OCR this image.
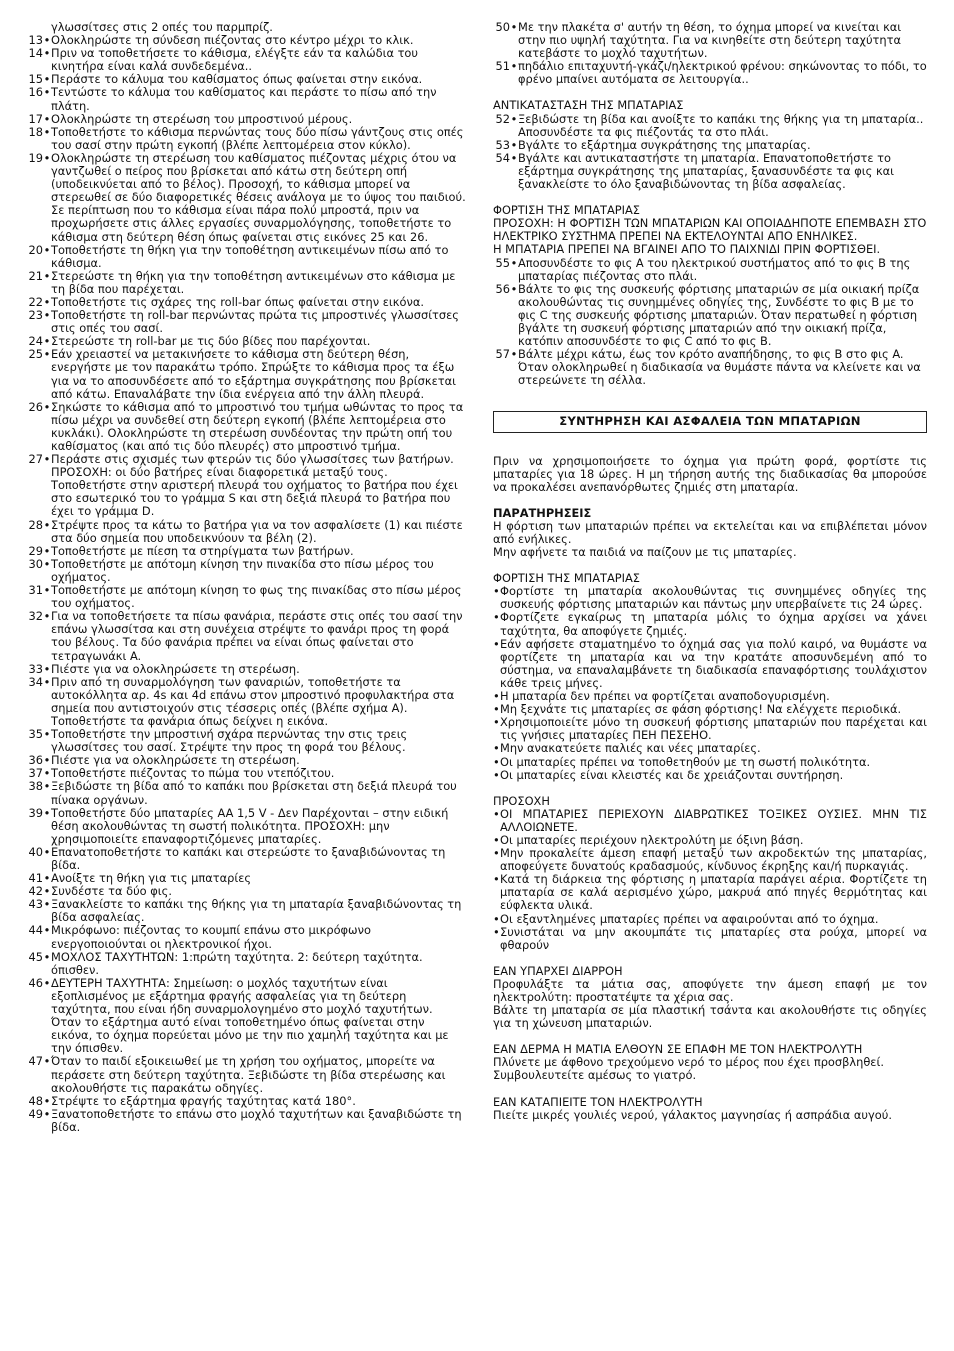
γλωσσίτσες στις 2 οπές του παρμπρίζ.
13 • Ολοκληρώστε τη σύνδεση πιέζοντας στο κέντρο μέχρι το κλικ.
14 • Πριν να τοποθετήσετε το κάθισμα, ελέγξτε εάν τα καλώδια του κινητήρα είναι καλά συνδεδεμένα..
15 • Περάστε το κάλυμα του καθίσματος όπως φαίνεται στην εικόνα.
16 • Τεντώστε το κάλυμα του καθίσματος και περάστε το πίσω από την πλάτη.
17 • Ολοκληρώστε τη στερέωση του μπροστινού μέρους.
18 • Τοποθετήστε το κάθισμα περνώντας τους δύο πίσω γάντζους στις οπές του σασί στην πρώτη εγκοπή (βλέπε λεπτομέρεια στον κύκλο).
19 • Ολοκληρώστε τη στερέωση του καθίσματος πιέζοντας μέχρις ότου να γαντζωθεί ο πείρος που βρίσκεται από κάτω στη δεύτερη οπή (υποδεικνύεται από το βέλος). Προσοχή, το κάθισμα μπορεί να στερεωθεί σε δύο διαφορετικές θέσεις ανάλογα με το ύψος του παιδιού. Σε περίπτωση που το κάθισμα είναι πάρα πολύ μπροστά, πριν να προχωρήσετε στις άλλες εργασίες συναρμολόγησης, τοποθετήστε το κάθισμα στη δεύτερη θέση όπως φαίνεται στις εικόνες 25 και 26.
20 • Τοποθετήστε τη θήκη για την τοποθέτηση αντικειμένων πίσω από το κάθισμα.
21 • Στερεώστε τη θήκη για την τοποθέτηση αντικειμένων στο κάθισμα με τη βίδα που παρέχεται.
22 • Τοποθετήστε τις σχάρες της roll-bar όπως φαίνεται στην εικόνα.
23 • Τοποθετήστε τη roll-bar περνώντας πρώτα τις μπροστινές γλωσσίτσες στις οπές του σασί.
24 • Στερεώστε τη roll-bar με τις δύο βίδες που παρέχονται.
25 • Εάν χρειαστεί να μετακινήσετε το κάθισμα στη δεύτερη θέση, ενεργήστε με τον παρακάτω τρόπο. Σπρώξτε το κάθισμα προς τα έξω για να το αποσυνδέσετε από το εξάρτημα συγκράτησης που βρίσκεται από κάτω. Επαναλάβατε την ίδια ενέργεια από την άλλη πλευρά.
26 • Σηκώστε το κάθισμα από το μπροστινό του τμήμα ωθώντας το προς τα πίσω μέχρι να συνδεθεί στη δεύτερη εγκοπή (βλέπε λεπτομέρεια στο κυκλάκι). Ολοκληρώστε τη στερέωση συνδέοντας την πρώτη οπή του καθίσματος (και από τις δύο πλευρές) στο μπροστινό τμήμα.
27 • Περάστε στις σχισμές των φτερών τις δύο γλωσσίτσες των βατήρων. ΠΡΟΣΟΧΗ: οι δύο βατήρες είναι διαφορετικά μεταξύ τους. Τοποθετήστε στην αριστερή πλευρά του οχήματος το βατήρα που έχει στο εσωτερικό του το γράμμα S και στη δεξιά πλευρά το βατήρα που έχει το γράμμα D.
28 • Στρέψτε προς τα κάτω το βατήρα για να τον ασφαλίσετε (1) και πιέστε στα δύο σημεία που υποδεικνύουν τα βέλη (2).
29 • Τοποθετήστε με πίεση τα στηρίγματα των βατήρων.
30 • Τοποθετήστε με απότομη κίνηση την πινακίδα στο πίσω μέρος του οχήματος.
31 • Τοποθετήστε με απότομη κίνηση το φως της πινακίδας στο πίσω μέρος του οχήματος.
32 • Για να τοποθετήσετε τα πίσω φανάρια, περάστε στις οπές του σασί την επάνω γλωσσίτσα και στη συνέχεια στρέψτε το φανάρι προς τη φορά του βέλους. Τα δύο φανάρια πρέπει να είναι όπως φαίνεται στο τετραγωνάκι A.
33 • Πιέστε για να ολοκληρώσετε τη στερέωση.
34 • Πριν από τη συναρμολόγηση των φαναριών, τοποθετήστε τα αυτοκόλλητα αρ. 4s και 4d επάνω στον μπροστινό προφυλακτήρα στα σημεία που αντιστοιχούν στις τέσσερις οπές (βλέπε σχήμα A). Τοποθετήστε τα φανάρια όπως δείχνει η εικόνα.
35 • Τοποθετήστε την μπροστινή σχάρα περνώντας την στις τρεις γλωσσίτσες του σασί. Στρέψτε την προς τη φορά του βέλους.
36 • Πιέστε για να ολοκληρώσετε τη στερέωση.
37 • Τοποθετήστε πιέζοντας το πώμα του ντεπόζιτου.
38 • Ξεβιδώστε τη βίδα από το καπάκι που βρίσκεται στη δεξιά πλευρά του πίνακα οργάνων.
39 • Τοποθετήστε δύο μπαταρίες AA 1,5 V - Δεν Παρέχονται – στην ειδική θέση ακολουθώντας τη σωστή πολικότητα. ΠΡΟΣΟΧΗ: μην χρησιμοποιείτε επαναφορτιζόμενες μπαταρίες.
40 • Επανατοποθετήστε το καπάκι και στερεώστε το ξαναβιδώνοντας τη βίδα.
41 • Ανοίξτε τη θήκη για τις μπαταρίες
42 • Συνδέστε τα δύο φις.
43 • Ξανακλείστε το καπάκι της θήκης για τη μπαταρία ξαναβιδώνοντας τη βίδα ασφαλείας.
44 • Μικρόφωνο: πιέζοντας το κουμπί επάνω στο μικρόφωνο ενεργοποιούνται οι ηλεκτρονικοί ήχοι.
45 • ΜΟΧΛΟΣ ΤΑΧΥΤΗΤΩΝ: 1:πρώτη ταχύτητα. 2: δεύτερη ταχύτητα. όπισθεν.
46 • ΔΕΥΤΕΡΗ ΤΑΧΥΤΗΤΑ: Σημείωση: ο μοχλός ταχυτήτων είναι εξοπλισμένος με εξάρτημα φραγής ασφαλείας για τη δεύτερη ταχύτητα, που είναι ήδη συναρμολογημένο στο μοχλό ταχυτήτων. Όταν το εξάρτημα αυτό είναι τοποθετημένο όπως φαίνεται στην εικόνα, το όχημα πορεύεται μόνο με την πιο χαμηλή ταχύτητα και με την όπισθεν.
47 • Όταν το παιδί εξοικειωθεί με τη χρήση του οχήματος, μπορείτε να περάσετε στη δεύτερη ταχύτητα. Ξεβιδώστε τη βίδα στερέωσης και ακολουθήστε τις παρακάτω οδηγίες.
48 • Στρέψτε το εξάρτημα φραγής ταχύτητας κατά 180°.
49 • Ξανατοποθετήστε το επάνω στο μοχλό ταχυτήτων και ξαναβιδώστε τη βίδα.
50 • Με την πλακέτα σ' αυτήν τη θέση, το όχημα μπορεί να κινείται και στην πιο υψηλή ταχύτητα. Για να κινηθείτε στη δεύτερη ταχύτητα κατεβάστε το μοχλό ταχυτήτων.
51 • πηδάλιο επιταχυντή-γκάζι/ηλεκτρικού φρένου: σηκώνοντας το πόδι, το φρένο μπαίνει αυτόματα σε λειτουργία..
ΑΝΤΙΚΑΤΑΣΤΑΣΗ ΤΗΣ ΜΠΑΤΑΡΙΑΣ
52 • Ξεβιδώστε τη βίδα και ανοίξτε το καπάκι της θήκης για τη μπαταρία.. Αποσυνδέστε τα φις πιέζοντάς τα στο πλάι.
53 • Βγάλτε το εξάρτημα συγκράτησης της μπαταρίας.
54 • Βγάλτε και αντικαταστήστε τη μπαταρία. Επανατοποθετήστε το εξάρτημα συγκράτησης της μπαταρίας, ξανασυνδέστε τα φις και ξανακλείστε το όλο ξαναβιδώνοντας τη βίδα ασφαλείας.
ΦΟΡΤΙΣΗ ΤΗΣ ΜΠΑΤΑΡΙΑΣ
ΠΡΟΣΟΧΗ: Η ΦΟΡΤΙΣΗ ΤΩΝ ΜΠΑΤΑΡΙΩΝ ΚΑΙ ΟΠΟΙΑΔΗΠΟΤΕ ΕΠΕΜΒΑΣΗ ΣΤΟ ΗΛΕΚΤΡΙΚΟ ΣΥΣΤΗΜΑ ΠΡΕΠΕΙ ΝΑ ΕΚΤΕΛΟΥΝΤΑΙ ΑΠΟ ΕΝΗΛΙΚΕΣ.
Η ΜΠΑΤΑΡΙΑ ΠΡΕΠΕΙ ΝΑ ΒΓΑΙΝΕΙ ΑΠΟ ΤΟ ΠΑΙΧΝΙΔΙ ΠΡΙΝ ΦΟΡΤΙΣΘΕΙ.
55 • Αποσυνδέστε το φις A του ηλεκτρικού συστήματος από το φις B της μπαταρίας πιέζοντας στο πλάι.
56 • Βάλτε το φις της συσκευής φόρτισης μπαταριών σε μία οικιακή πρίζα ακολουθώντας τις συνημμένες οδηγίες της, Συνδέστε το φις B με το φις C της συσκευής φόρτισης μπαταριών. Όταν περατωθεί η φόρτιση βγάλτε τη συσκευή φόρτισης μπαταριών από την οικιακή πρίζα, κατόπιν αποσυνδέστε το φις C από το φις B.
57 • Βάλτε μέχρι κάτω, έως τον κρότο αναπήδησης, το φις B στο φις A. Όταν ολοκληρωθεί η διαδικασία να θυμάστε πάντα να κλείνετε και να στερεώνετε τη σέλλα.
ΣΥΝΤΗΡΗΣΗ ΚΑΙ ΑΣΦΑΛΕΙΑ ΤΩΝ ΜΠΑΤΑΡΙΩΝ
Πριν να χρησιμοποιήσετε το όχημα για πρώτη φορά, φορτίστε τις μπαταρίες για 18 ώρες. Η μη τήρηση αυτής της διαδικασίας θα μπορούσε να προκαλέσει ανεπανόρθωτες ζημιές στη μπαταρία.
ΠΑΡΑΤΗΡΗΣΕΙΣ
Η φόρτιση των μπαταριών πρέπει να εκτελείται και να επιβλέπεται μόνον από ενήλικες.
Μην αφήνετε τα παιδιά να παίζουν με τις μπαταρίες.
ΦΟΡΤΙΣΗ ΤΗΣ ΜΠΑΤΑΡΙΑΣ
• Φορτίστε τη μπαταρία ακολουθώντας τις συνημμένες οδηγίες της συσκευής φόρτισης μπαταριών και πάντως μην υπερβαίνετε τις 24 ώρες.
• Φορτίζετε εγκαίρως τη μπαταρία μόλις το όχημα αρχίσει να χάνει ταχύτητα, θα αποφύγετε ζημιές.
• Εάν αφήσετε σταματημένο το όχημά σας για πολύ καιρό, να θυμάστε να φορτίζετε τη μπαταρία και να την κρατάτε αποσυνδεμένη από το σύστημα, να επαναλαμβάνετε τη διαδικασία επαναφόρτισης τουλάχιστον κάθε τρεις μήνες.
• Η μπαταρία δεν πρέπει να φορτίζεται αναποδογυρισμένη.
• Μη ξεχνάτε τις μπαταρίες σε φάση φόρτισης! Να ελέγχετε περιοδικά.
• Χρησιμοποιείτε μόνο τη συσκευή φόρτισης μπαταριών που παρέχεται και τις γνήσιες μπαταρίες ΠΕΗ ΠΕΣΕΗΟ.
• Μην ανακατεύετε παλιές και νέες μπαταρίες.
• Οι μπαταρίες πρέπει να τοποθετηθούν με τη σωστή πολικότητα.
• Οι μπαταρίες είναι κλειστές και δε χρειάζονται συντήρηση.
ΠΡΟΣΟΧΗ
• ΟΙ ΜΠΑΤΑΡΙΕΣ ΠΕΡΙΕΧΟΥΝ ΔΙΑΒΡΩΤΙΚΕΣ ΤΟΞΙΚΕΣ ΟΥΣΙΕΣ. ΜΗΝ ΤΙΣ ΑΛΛΟΙΩΝΕΤΕ.
• Οι μπαταρίες περιέχουν ηλεκτρολύτη με όξινη βάση.
• Μην προκαλείτε άμεση επαφή μεταξύ των ακροδεκτών της μπαταρίας, αποφεύγετε δυνατούς κραδασμούς, κίνδυνος έκρηξης και/ή πυρκαγιάς.
• Κατά τη διάρκεια της φόρτισης η μπαταρία παράγει αέρια. Φορτίζετε τη μπαταρία σε καλά αερισμένο χώρο, μακρυά από πηγές θερμότητας και εύφλεκτα υλικά.
• Οι εξαντλημένες μπαταρίες πρέπει να αφαιρούνται από το όχημα.
• Συνιστάται να μην ακουμπάτε τις μπαταρίες στα ρούχα, μπορεί να φθαρούν
ΕΑΝ ΥΠΑΡΧΕΙ ΔΙΑΡΡΟΗ
Προφυλάξτε τα μάτια σας, αποφύγετε την άμεση επαφή με τον ηλεκτρολύτη: προστατέψτε τα χέρια σας.
Βάλτε τη μπαταρία σε μία πλαστική τσάντα και ακολουθήστε τις οδηγίες για τη χώνευση μπαταριών.
ΕΑΝ ΔΕΡΜΑ Η ΜΑΤΙΑ ΕΛΘΟΥΝ ΣΕ ΕΠΑΦΗ ΜΕ ΤΟΝ ΗΛΕΚΤΡΟΛΥΤΗ
Πλύνετε με άφθονο τρεχούμενο νερό το μέρος που έχει προσβληθεί.
Συμβουλευτείτε αμέσως το γιατρό.
ΕΑΝ ΚΑΤΑΠΙΕΙΤΕ ΤΟΝ ΗΛΕΚΤΡΟΛΥΤΗ
Πιείτε μικρές γουλιές νερού, γάλακτος μαγνησίας ή ασπράδια αυγού.
